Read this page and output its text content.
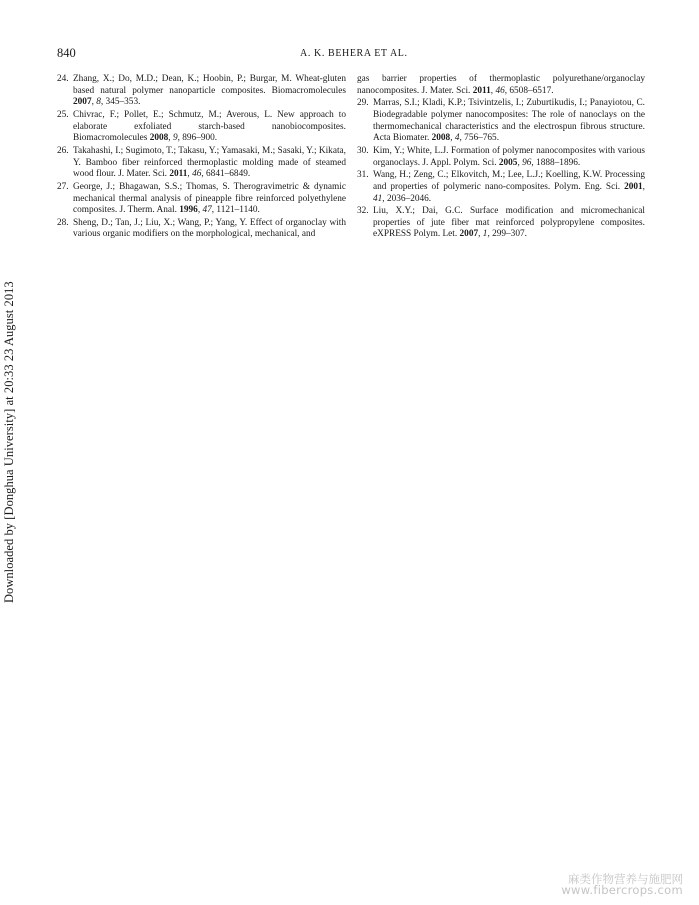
840	A. K. BEHERA ET AL.

24. Zhang, X.; Do, M.D.; Dean, K.; Hoobin, P.; Burgar, M. Wheat-gluten based natural polymer nanoparticle composites. Biomacromolecules 2007, 8, 345–353.

25. Chivrac, F.; Pollet, E.; Schmutz, M.; Averous, L. New approach to elaborate exfoliated starch-based nanobiocomposites. Biomacromolecules 2008, 9, 896–900.

26. Takahashi, I.; Sugimoto, T.; Takasu, Y.; Yamasaki, M.; Sasaki, Y.; Kikata, Y. Bamboo fiber reinforced thermoplastic molding made of steamed wood flour. J. Mater. Sci. 2011, 46, 6841–6849.

27. George, J.; Bhagawan, S.S.; Thomas, S. Therogravimetric & dynamic mechanical thermal analysis of pineapple fibre reinforced polyethylene composites. J. Therm. Anal. 1996, 47, 1121–1140.

28. Sheng, D.; Tan, J.; Liu, X.; Wang, P.; Yang, Y. Effect of organoclay with various organic modifiers on the morphological, mechanical, and

gas barrier properties of thermoplastic polyurethane/organoclay nanocomposites. J. Mater. Sci. 2011, 46, 6508–6517.

29. Marras, S.I.; Kladi, K.P.; Tsivintzelis, I.; Zuburtikudis, I.; Panayiotou, C. Biodegradable polymer nanocomposites: The role of nanoclays on the thermomechanical characteristics and the electrospun fibrous structure. Acta Biomater. 2008, 4, 756–765.

30. Kim, Y.; White, L.J. Formation of polymer nanocomposites with various organoclays. J. Appl. Polym. Sci. 2005, 96, 1888–1896.

31. Wang, H.; Zeng, C.; Elkovitch, M.; Lee, L.J.; Koelling, K.W. Processing and properties of polymeric nano-composites. Polym. Eng. Sci. 2001, 41, 2036–2046.

32. Liu, X.Y.; Dai, G.C. Surface modification and micromechanical properties of jute fiber mat reinforced polypropylene composites. eXPRESS Polym. Let. 2007, 1, 299–307.

Downloaded by [Donghua University] at 20:33 23 August 2013
麻类作物营养与施肥网
www.fibercrops.com
